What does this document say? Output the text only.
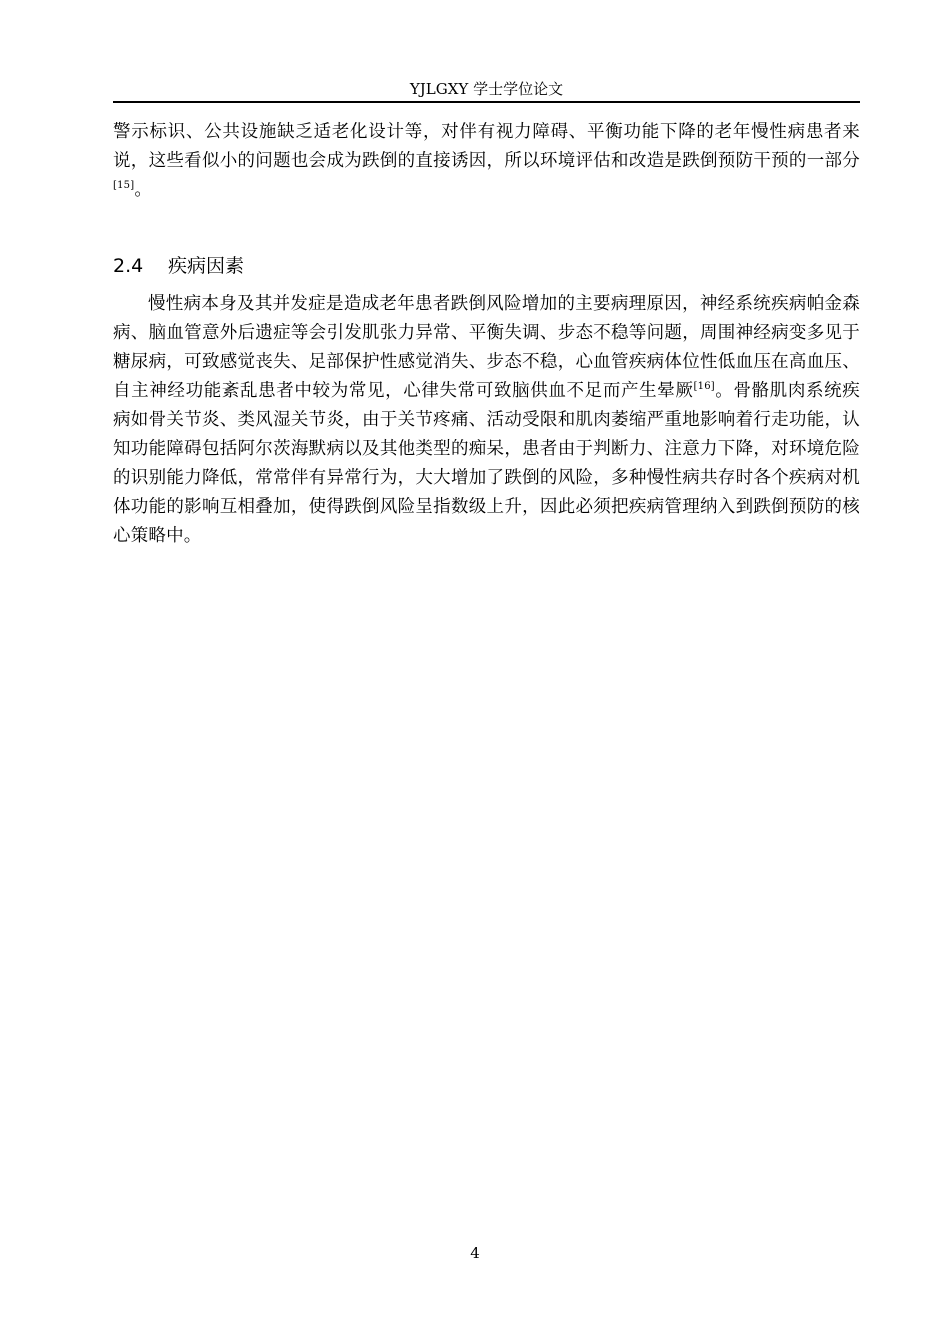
YJLGXY 学士学位论文
警示标识、公共设施缺乏适老化设计等，对伴有视力障碍、平衡功能下降的老年慢性病患者来说，这些看似小的问题也会成为跌倒的直接诱因，所以环境评估和改造是跌倒预防干预的一部分[15]。
2.4 疾病因素
慢性病本身及其并发症是造成老年患者跌倒风险增加的主要病理原因，神经系统疾病帕金森病、脑血管意外后遗症等会引发肌张力异常、平衡失调、步态不稳等问题，周围神经病变多见于糖尿病，可致感觉丧失、足部保护性感觉消失、步态不稳，心血管疾病体位性低血压在高血压、自主神经功能紊乱患者中较为常见，心律失常可致脑供血不足而产生晕厥[16]。骨骼肌肉系统疾病如骨关节炎、类风湿关节炎，由于关节疼痛、活动受限和肌肉萎缩严重地影响着行走功能，认知功能障碍包括阿尔茨海默病以及其他类型的痴呆，患者由于判断力、注意力下降，对环境危险的识别能力降低，常常伴有异常行为，大大增加了跌倒的风险，多种慢性病共存时各个疾病对机体功能的影响互相叠加，使得跌倒风险呈指数级上升，因此必须把疾病管理纳入到跌倒预防的核心策略中。
4
